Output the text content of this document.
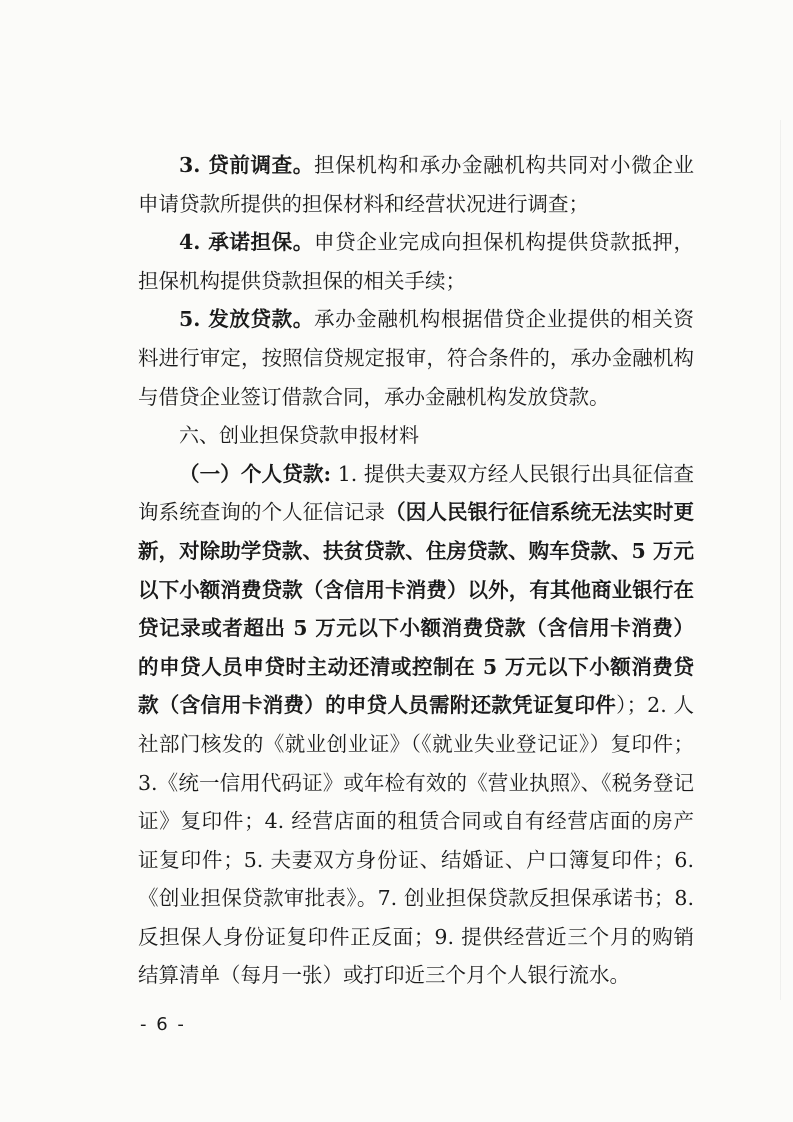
3. 贷前调查。担保机构和承办金融机构共同对小微企业申请贷款所提供的担保材料和经营状况进行调查；

4. 承诺担保。申贷企业完成向担保机构提供贷款抵押，担保机构提供贷款担保的相关手续；

5. 发放贷款。承办金融机构根据借贷企业提供的相关资料进行审定，按照信贷规定报审，符合条件的，承办金融机构与借贷企业签订借款合同，承办金融机构发放贷款。

六、创业担保贷款申报材料

（一）个人贷款: 1. 提供夫妻双方经人民银行出具征信查询系统查询的个人征信记录（因人民银行征信系统无法实时更新，对除助学贷款、扶贫贷款、住房贷款、购车贷款、5 万元以下小额消费贷款（含信用卡消费）以外，有其他商业银行在贷记录或者超出 5 万元以下小额消费贷款（含信用卡消费）的申贷人员申贷时主动还清或控制在 5 万元以下小额消费贷款（含信用卡消费）的申贷人员需附还款凭证复印件）；2. 人社部门核发的《就业创业证》（《就业失业登记证》）复印件；3.《统一信用代码证》或年检有效的《营业执照》、《税务登记证》复印件；4. 经营店面的租赁合同或自有经营店面的房产证复印件；5. 夫妻双方身份证、结婚证、户口簿复印件；6.《创业担保贷款审批表》。7. 创业担保贷款反担保承诺书；8. 反担保人身份证复印件正反面；9. 提供经营近三个月的购销结算清单（每月一张）或打印近三个月个人银行流水。

- 6 -
